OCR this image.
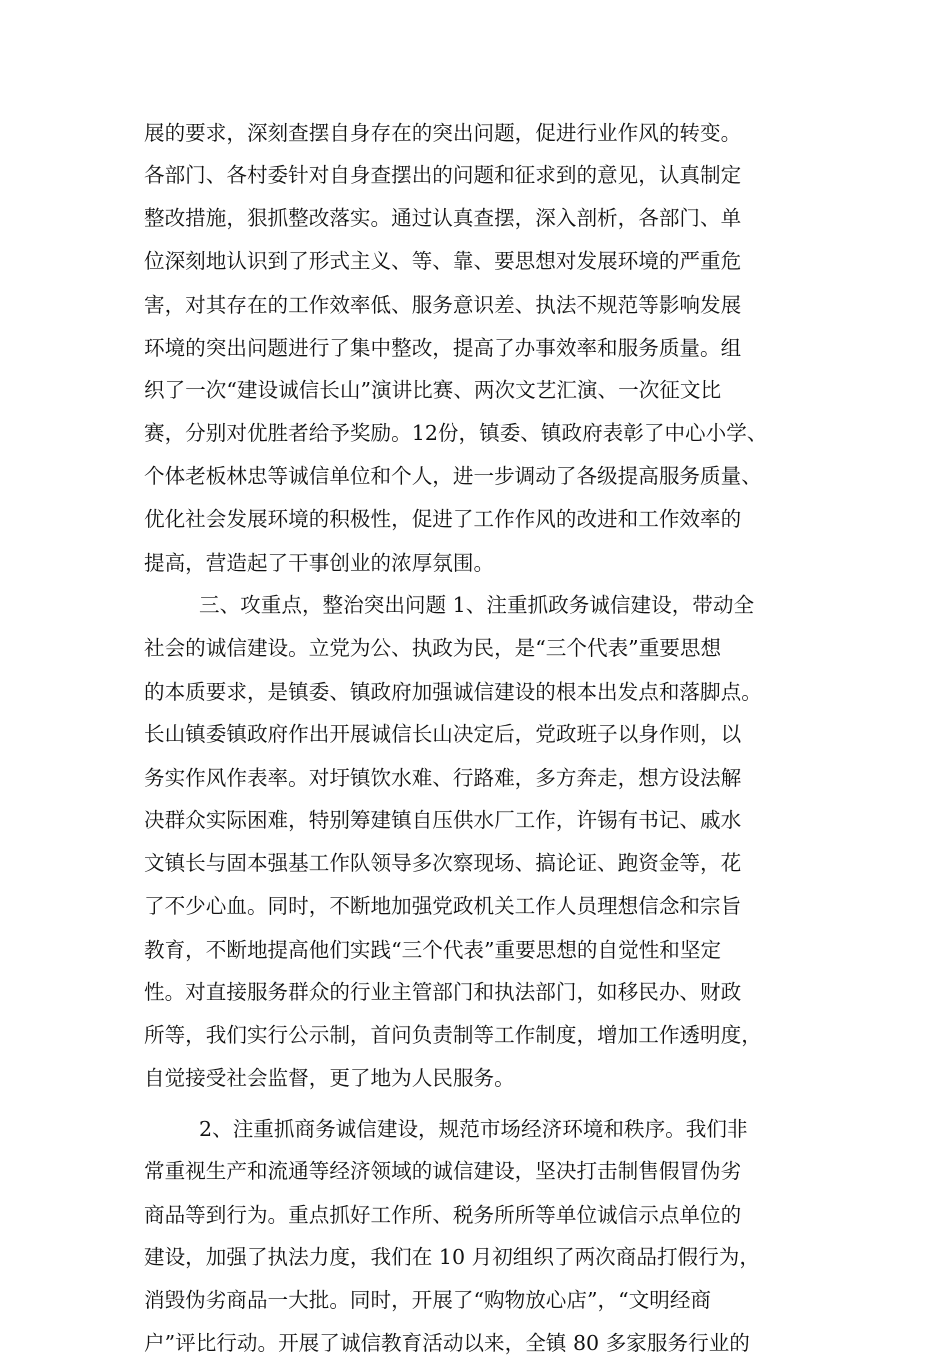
展的要求，深刻查摆自身存在的突出问题，促进行业作风的转变。
各部门、各村委针对自身查摆出的问题和征求到的意见，认真制定
整改措施，狠抓整改落实。通过认真查摆，深入剖析，各部门、单
位深刻地认识到了形式主义、等、靠、要思想对发展环境的严重危
害，对其存在的工作效率低、服务意识差、执法不规范等影响发展
环境的突出问题进行了集中整改，提高了办事效率和服务质量。组
织了一次“建设诚信长山”演讲比赛、两次文艺汇演、一次征文比
赛，分别对优胜者给予奖励。12份，镇委、镇政府表彰了中心小学、
个体老板林忠等诚信单位和个人，进一步调动了各级提高服务质量、
优化社会发展环境的积极性，促进了工作作风的改进和工作效率的
提高，营造起了干事创业的浓厚氛围。
三、攻重点，整治突出问题 1、注重抓政务诚信建设，带动全
社会的诚信建设。立党为公、执政为民，是“三个代表”重要思想
的本质要求，是镇委、镇政府加强诚信建设的根本出发点和落脚点。
长山镇委镇政府作出开展诚信长山决定后，党政班子以身作则，以
务实作风作表率。对圩镇饮水难、行路难，多方奔走，想方设法解
决群众实际困难，特别筹建镇自压供水厂工作，许锡有书记、戚水
文镇长与固本强基工作队领导多次察现场、搞论证、跑资金等，花
了不少心血。同时，不断地加强党政机关工作人员理想信念和宗旨
教育，不断地提高他们实践“三个代表”重要思想的自觉性和坚定
性。对直接服务群众的行业主管部门和执法部门，如移民办、财政
所等，我们实行公示制，首问负责制等工作制度，增加工作透明度，
自觉接受社会监督，更了地为人民服务。
2、注重抓商务诚信建设，规范市场经济环境和秩序。我们非
常重视生产和流通等经济领域的诚信建设，坚决打击制售假冒伪劣
商品等到行为。重点抓好工作所、税务所所等单位诚信示点单位的
建设，加强了执法力度，我们在 10 月初组织了两次商品打假行为，
消毁伪劣商品一大批。同时，开展了“购物放心店”，“文明经商
户”评比行动。开展了诚信教育活动以来，全镇 80 多家服务行业的
